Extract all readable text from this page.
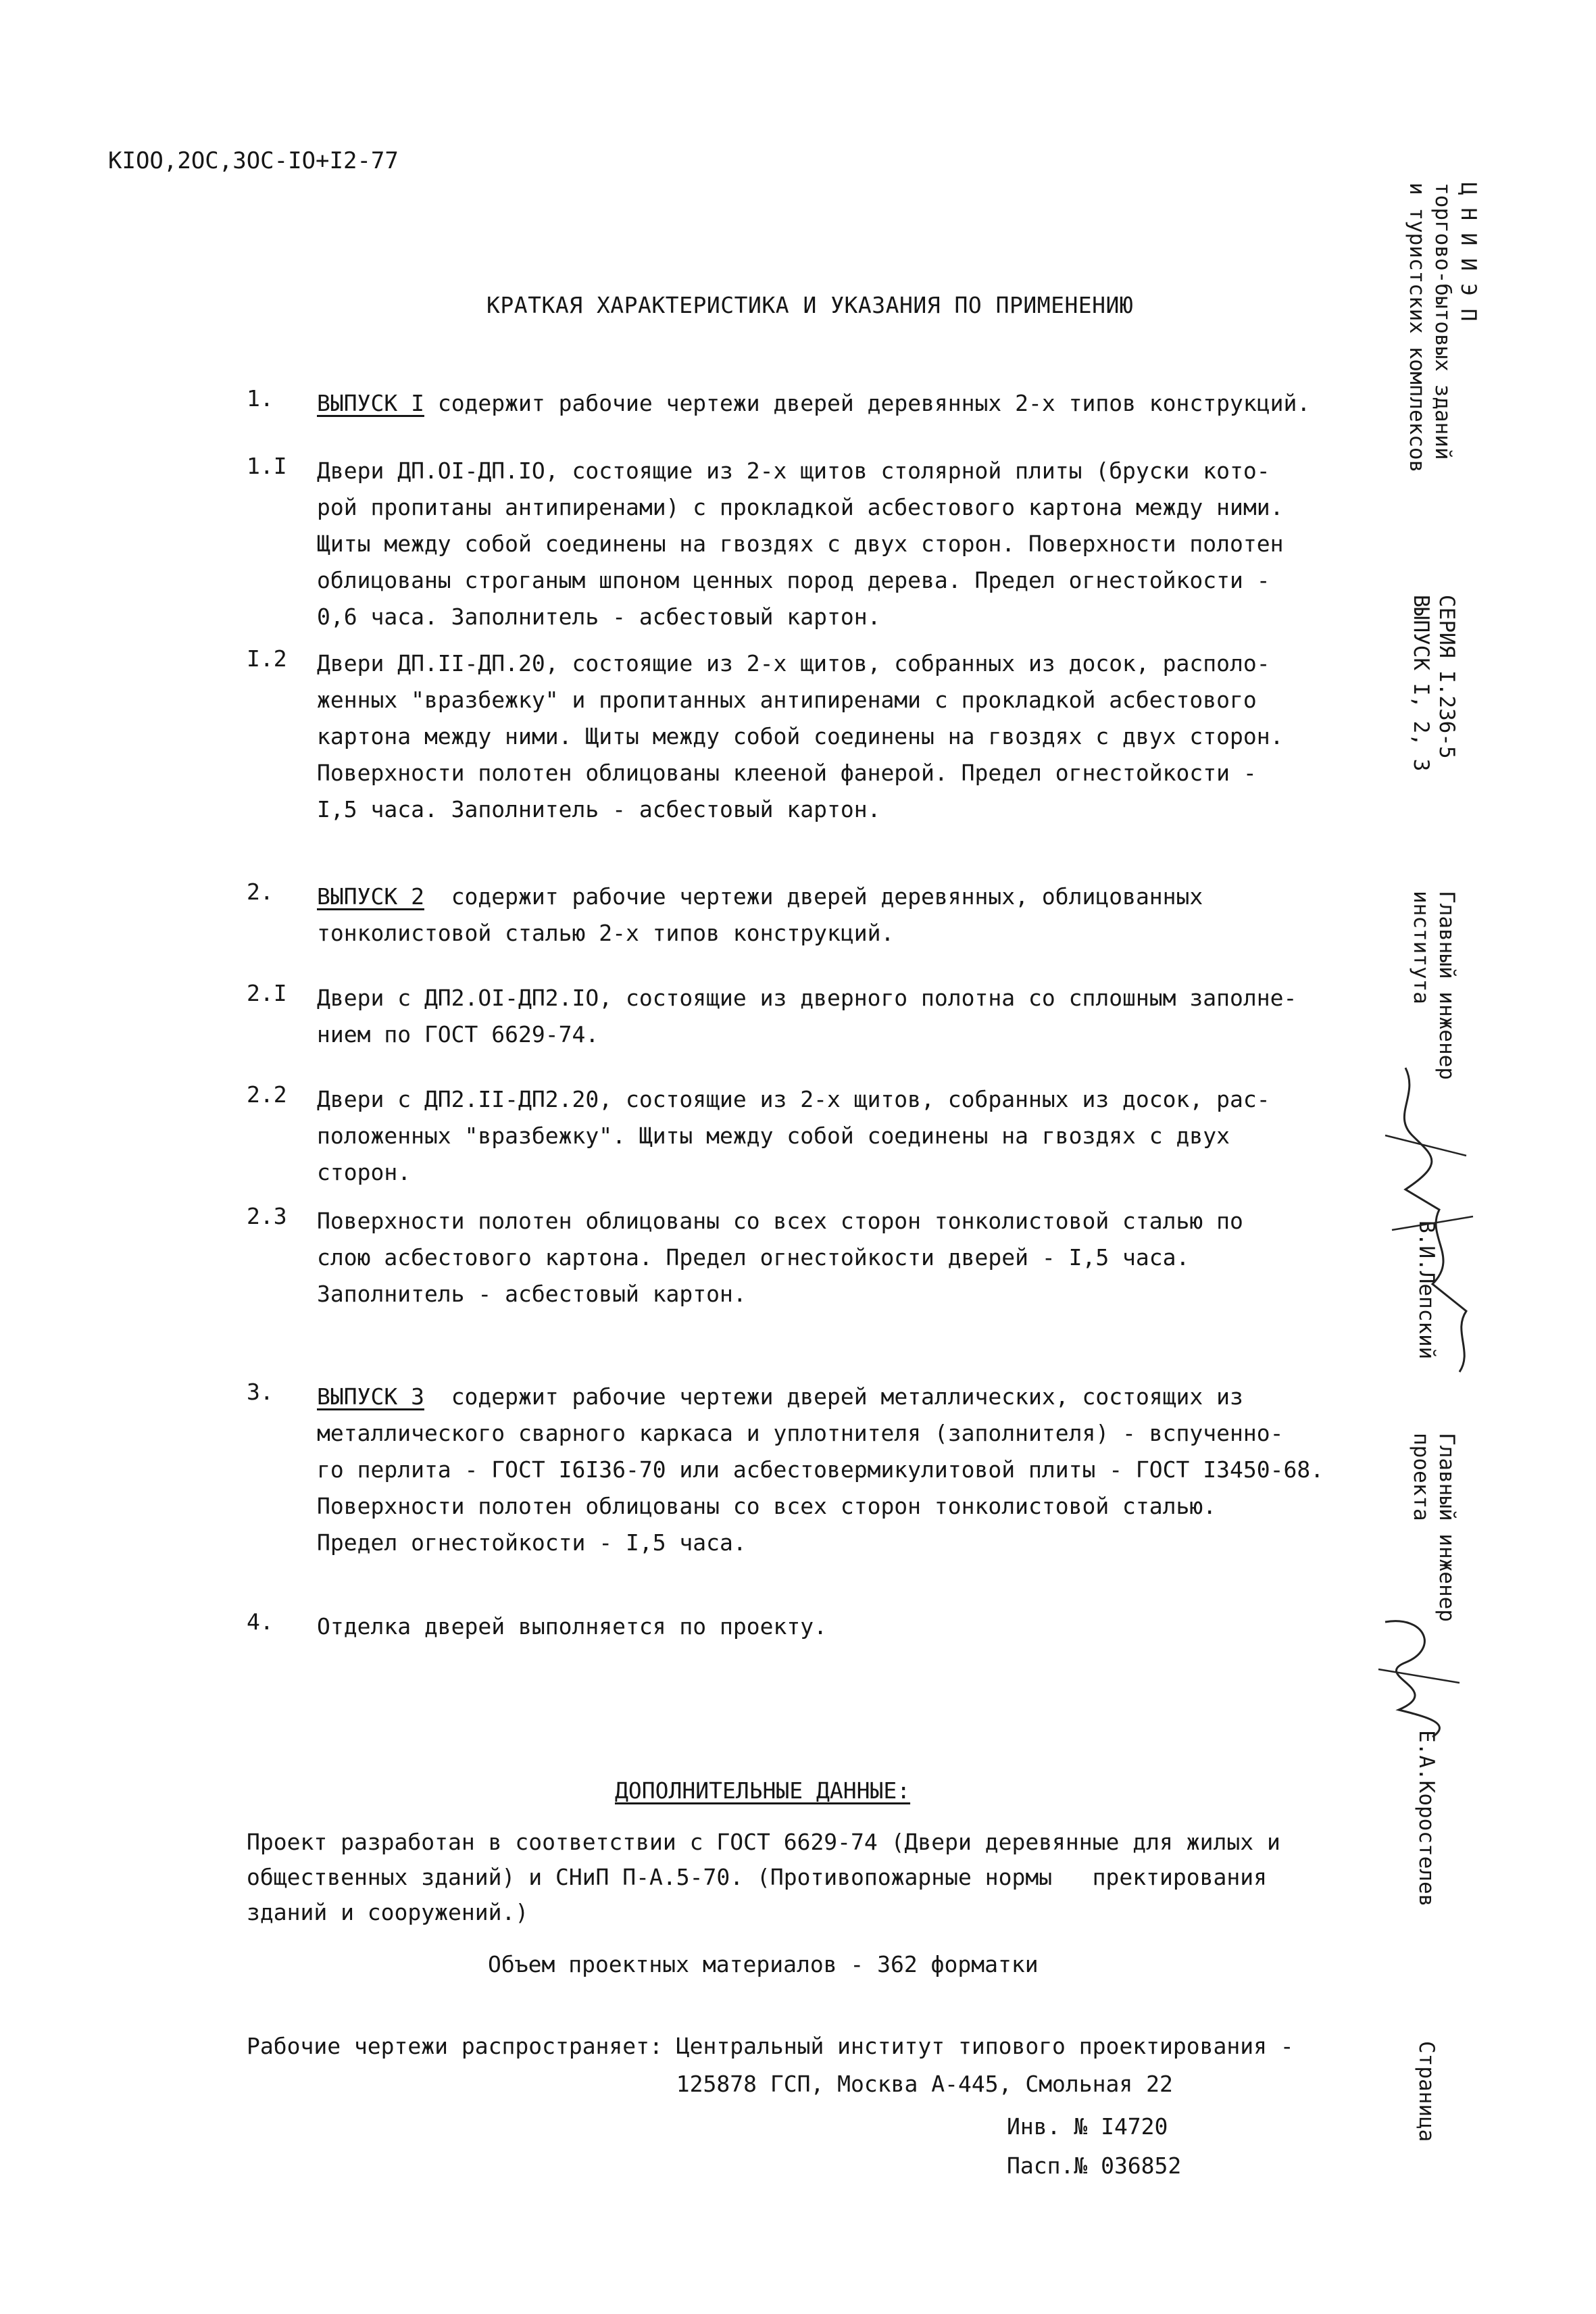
KIOO,2OC,3OC-IO+I2-77
КРАТКАЯ ХАРАКТЕРИСТИКА И УКАЗАНИЯ ПО ПРИМЕНЕНИЮ
1.	ВЫПУСК I содержит рабочие чертежи дверей деревянных 2-х типов конструкций.
1.I	Двери ДП.OI-ДП.IO, состоящие из 2-х щитов столярной плиты (бруски кото-
рой пропитаны антипиренами) с прокладкой асбестового картона между ними.
Щиты между собой соединены на гвоздях с двух сторон. Поверхности полотен
облицованы строганым шпоном ценных пород дерева. Предел огнестойкости -
0,6 часа. Заполнитель - асбестовый картон.
I.2	Двери ДП.II-ДП.20, состоящие из 2-х щитов, собранных из досок, располо-
женных "вразбежку" и пропитанных антипиренами с прокладкой асбестового
картона между ними. Щиты между собой соединены на гвоздях с двух сторон.
Поверхности полотен облицованы клееной фанерой. Предел огнестойкости -
I,5 часа. Заполнитель - асбестовый картон.
2.	ВЫПУСК 2  содержит рабочие чертежи дверей деревянных, облицованных
тонколистовой сталью 2-х типов конструкций.
2.I	Двери с ДП2.OI-ДП2.IO, состоящие из дверного полотна со сплошным заполне-
нием по ГОСТ 6629-74.
2.2	Двери с ДП2.II-ДП2.20, состоящие из 2-х щитов, собранных из досок, рас-
положенных "вразбежку". Щиты между собой соединены на гвоздях с двух
сторон.
2.3	Поверхности полотен облицованы со всех сторон тонколистовой сталью по
слою асбестового картона. Предел огнестойкости дверей - I,5 часа.
Заполнитель - асбестовый картон.
3.	ВЫПУСК 3  содержит рабочие чертежи дверей металлических, состоящих из
металлического сварного каркаса и уплотнителя (заполнителя) - вспученно-
го перлита - ГОСТ I6I36-70 или асбестовермикулитовой плиты - ГОСТ I3450-68.
Поверхности полотен облицованы со всех сторон тонколистовой сталью.
Предел огнестойкости - I,5 часа.
4.	Отделка дверей выполняется по проекту.
ДОПОЛНИТЕЛЬНЫЕ ДАННЫЕ:
Проект разработан в соответствии с ГОСТ 6629-74 (Двери деревянные для жилых и
общественных зданий) и СНиП П-А.5-70. (Противопожарные нормы   прeктирования
зданий и сооружений.)
Объем проектных материалов - 362 форматки
Рабочие чертежи распространяет: Центральный институт типового проектирования -
125878 ГСП, Москва А-445, Смольная 22
Инв. № I4720
Пасп.№ 036852
Ц Н И И Э П
торгово-бытовых зданий
и туристских комплексов
СЕРИЯ I.236-5
ВЫПУСК I, 2, 3
Главный инженер
института
В.И.Лепский
Главный инженер
проекта
Е.А.Коростелев
Страница
